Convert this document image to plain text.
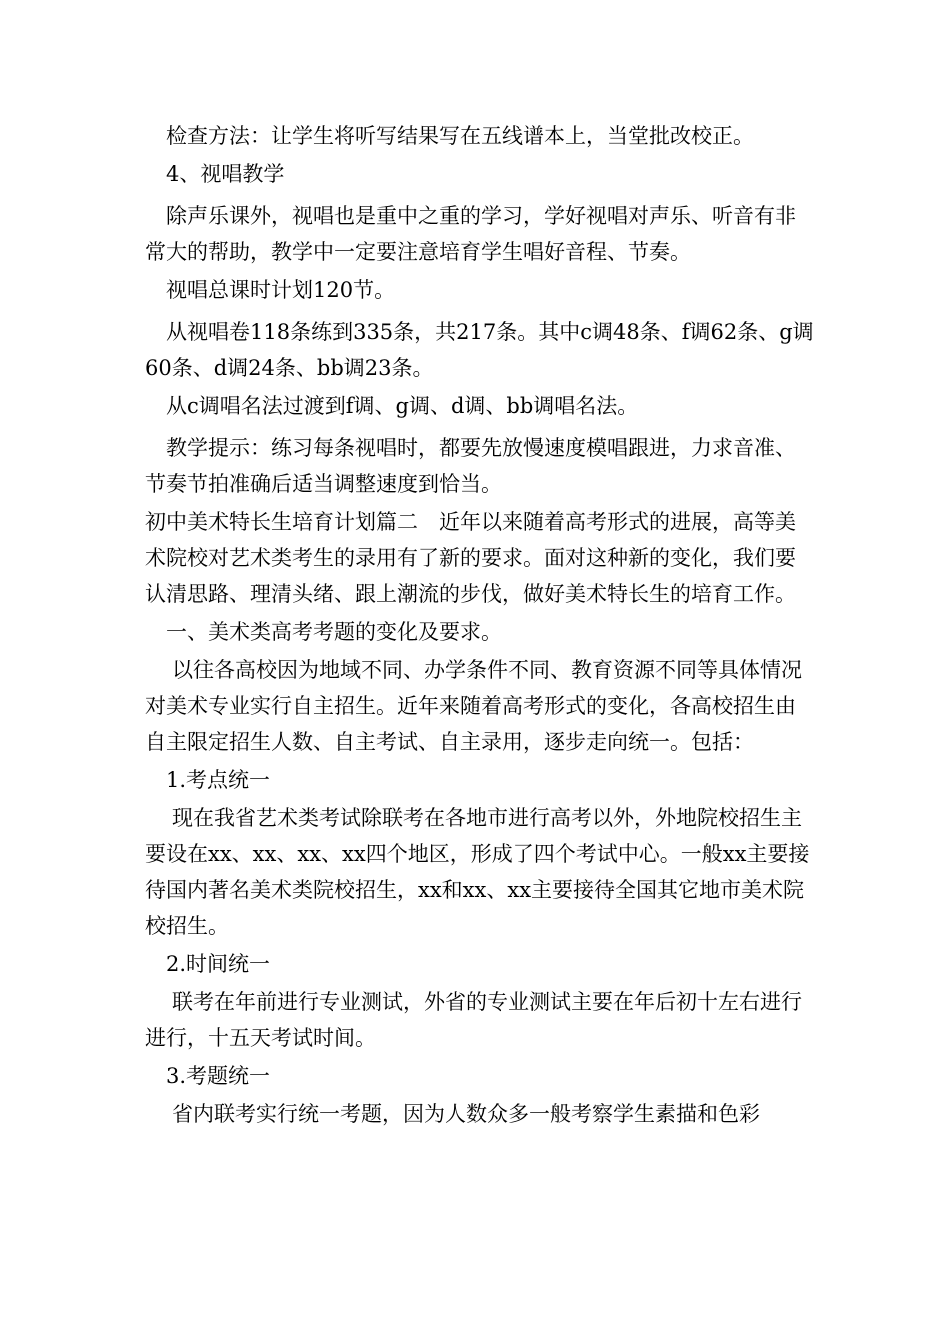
检查方法：让学生将听写结果写在五线谱本上，当堂批改校正。

4、视唱教学

除声乐课外，视唱也是重中之重的学习，学好视唱对声乐、听音有非常大的帮助，教学中一定要注意培育学生唱好音程、节奏。

视唱总课时计划120节。

从视唱卷118条练到335条，共217条。其中c调48条、f调62条、g调60条、d调24条、bb调23条。

从c调唱名法过渡到f调、g调、d调、bb调唱名法。

教学提示：练习每条视唱时，都要先放慢速度模唱跟进，力求音准、节奏节拍准确后适当调整速度到恰当。

初中美术特长生培育计划篇二　近年以来随着高考形式的进展，高等美术院校对艺术类考生的录用有了新的要求。面对这种新的变化，我们要认清思路、理清头绪、跟上潮流的步伐，做好美术特长生的培育工作。

一、美术类高考考题的变化及要求。

以往各高校因为地域不同、办学条件不同、教育资源不同等具体情况对美术专业实行自主招生。近年来随着高考形式的变化，各高校招生由自主限定招生人数、自主考试、自主录用，逐步走向统一。包括：

1.考点统一

现在我省艺术类考试除联考在各地市进行高考以外，外地院校招生主要设在xx、xx、xx、xx四个地区，形成了四个考试中心。一般xx主要接待国内著名美术类院校招生，xx和xx、xx主要接待全国其它地市美术院校招生。

2.时间统一

联考在年前进行专业测试，外省的专业测试主要在年后初十左右进行进行，十五天考试时间。

3.考题统一

省内联考实行统一考题，因为人数众多一般考察学生素描和色彩
